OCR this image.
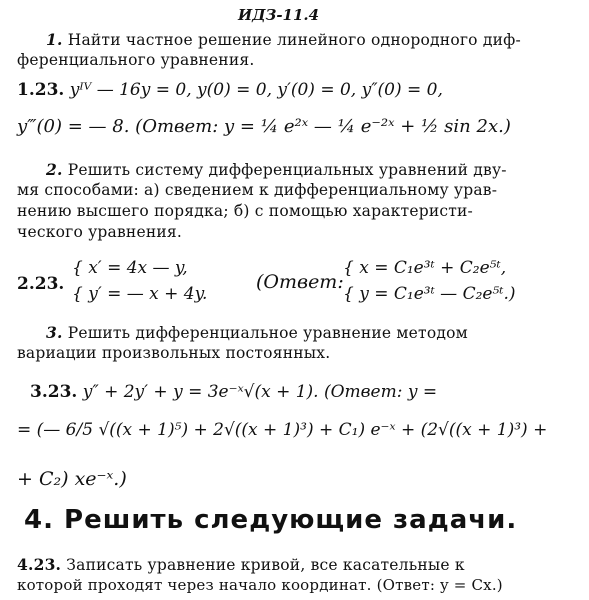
ИДЗ-11.4
1. Найти частное решение линейного однородного диф-
ференциального уравнения.
1.23. yᴵⱽ — 16y = 0, y(0) = 0, y′(0) = 0, y″(0) = 0,
y‴(0) = — 8. (Ответ: y = ¼ e²ˣ — ¼ e⁻²ˣ + ½ sin 2x.)
2. Решить систему дифференциальных уравнений дву-
мя способами: а) сведением к дифференциальному урав-
нению высшего порядка; б) с помощью характеристи-
ческого уравнения.
2.23.
{ x′ = 4x — y,
{ y′ = — x + 4y.
(Ответ:
{ x = C₁e³ᵗ + C₂e⁵ᵗ,
{ y = C₁e³ᵗ — C₂e⁵ᵗ.)
3. Решить дифференциальное уравнение методом
вариации произвольных постоянных.
3.23. y″ + 2y′ + y = 3e⁻ˣ√(x + 1). (Ответ: y =
= (— 6/5 √((x + 1)⁵) + 2√((x + 1)³) + C₁) e⁻ˣ + (2√((x + 1)³) +
+ C₂) xe⁻ˣ.)
4. Решить следующие задачи.
4.23. Записать уравнение кривой, все касательные к
которой проходят через начало координат. (Ответ: y = Cx.)
